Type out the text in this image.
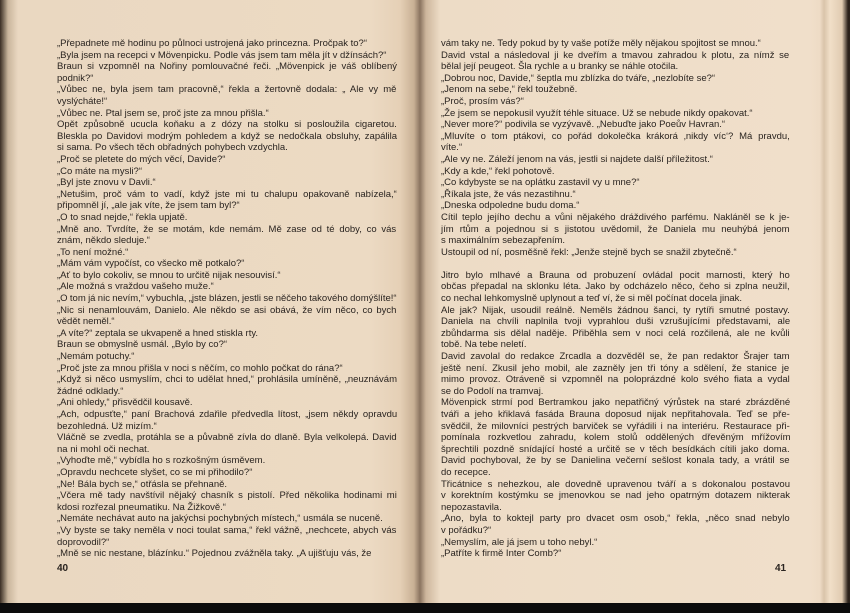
„Přepadnete mě hodinu po půlnoci ustrojená jako princezna. Pročpak to?“
„Byla jsem na recepci v Mövenpicku. Podle vás jsem tam měla jít v džínsách?“
Braun si vzpomněl na Nořiny pomlouvačné řeči. „Mövenpick je váš oblíbený
podnik?“
„Vůbec ne, byla jsem tam pracovně,“ řekla a žertovně dodala: „ Ale vy mě
vyslýcháte!“
„Vůbec ne. Ptal jsem se, proč jste za mnou přišla.“
Opět způsobně ucucla koňaku a z dózy na stolku si posloužila cigaretou.
Bleskla po Davidovi modrým pohledem a když se nedočkala obsluhy, zapálila
si sama. Po všech těch obřadných pohybech vzdychla.
„Proč se pletete do mých věcí, Davide?“
„Co máte na mysli?“
„Byl jste znovu v Davli.“
„Netušim, proč vám to vadí, když jste mi tu chalupu opakovaně nabízela,“
připomněl jí, „ale jak víte, že jsem tam byl?“
„O to snad nejde,“ řekla upjatě.
„Mně ano. Tvrdíte, že se motám, kde nemám. Mě zase od té doby, co vás
znám, někdo sleduje.“
„To není možné.“
„Mám vám vypočíst, co všecko mě potkalo?“
„Ať to bylo cokoliv, se mnou to určitě nijak nesouvisí.“
„Ale možná s vraždou vašeho muže.“
„O tom já nic nevím,“ vybuchla, „jste blázen, jestli se něčeho takového domýšlíte!“
„Nic si nenamlouvám, Danielo. Ale někdo se asi obává, že vím něco, co bych
vědět neměl.“
„A víte?“ zeptala se ukvapeně a hned stiskla rty.
Braun se obmyslně usmál. „Bylo by co?“
„Nemám potuchy.“
„Proč jste za mnou přišla v noci s něčím, co mohlo počkat do rána?“
„Když si něco usmyslím, chci to udělat hned,“ prohlásila umíněně, „neuznávám
žádné odklady.“
„Ani ohledy,“ přisvědčil kousavě.
„Ach, odpusťte,“ paní Brachová zdařile předvedla lítost, „jsem někdy opravdu
bezohledná. Už mizím.“
Vláčně se zvedla, protáhla se a půvabně zívla do dlaně. Byla velkolepá. David
na ni mohl oči nechat.
„Vyhoďte mě,“ vybídla ho s rozkošným úsměvem.
„Opravdu nechcete slyšet, co se mi přihodilo?“
„Ne! Bála bych se,“ otřásla se přehnaně.
„Včera mě tady navštívil nějaký chasník s pistolí. Před několika hodinami mi
kdosi rozřezal pneumatiku. Na Žižkově.“
„Nemáte nechávat auto na jakýchsi pochybných místech,“ usmála se nuceně.
„Vy byste se taky neměla v noci toulat sama,“ řekl vážně, „nechcete, abych vás
doprovodil?“
„Mně se nic nestane, blázínku.“ Pojednou zvážněla taky. „A ujišťuju vás, že
40
vám taky ne. Tedy pokud by ty vaše potíže měly nějakou spojitost se mnou.“
David vstal a následoval ji ke dveřím a tmavou zahradou k plotu, za nímž se
bělal její peugeot. Šla rychle a u branky se náhle otočila.
„Dobrou noc, Davide,“ šeptla mu zblízka do tváře, „nezlobíte se?“
„Jenom na sebe,“ řekl toužebně.
„Proč, prosím vás?“
„Že jsem se nepokusil využít téhle situace. Už se nebude nikdy opakovat.“
„Never more?“ podivila se vyzývavě. „Nebuďte jako Poeův Havran.“
„Mluvíte o tom ptákovi, co pořád dokolečka krákorá ‚nikdy víc‘? Má pravdu,
víte.“
„Ale vy ne. Záleží jenom na vás, jestli si najdete další příležitost.“
„Kdy a kde,“ řekl pohotově.
„Co kdybyste se na oplátku zastavil vy u mne?“
„Říkala jste, že vás nezastihnu.“
„Dneska odpoledne budu doma.“
Cítil teplo jejího dechu a vůni nějakého dráždivého parfému. Nakláněl se k je-
jím rtům a pojednou si s jistotou uvědomil, že Daniela mu neuhýbá jenom
s maximálním sebezapřením.
Ustoupil od ní, posměšně řekl: „Jenže stejně bych se snažil zbytečně.“
Jitro bylo mlhavé a Brauna od probuzení ovládal pocit marnosti, který ho
občas přepadal na sklonku léta. Jako by odcházelo něco, čeho si zplna neužil,
co nechal lehkomyslně uplynout a teď ví, že si měl počínat docela jinak.
Ale jak? Nijak, usoudil reálně. Neměls žádnou šanci, ty rytíři smutné postavy.
Daniela na chvíli naplnila tvoji vyprahlou duši vzrušujícími představami, ale
zbůhdarma sis dělal naděje. Přiběhla sem v noci celá rozčilená, ale ne kvůli
tobě. Na tebe neletí.
David zavolal do redakce Zrcadla a dozvěděl se, že pan redaktor Šrajer tam
ještě není. Zkusil jeho mobil, ale zazněly jen tři tóny a sdělení, že stanice je
mimo provoz. Otráveně si vzpomněl na poloprázdné kolo svého fiata a vydal
se do Podolí na tramvaj.
Mövenpick strmí pod Bertramkou jako nepatřičný výrůstek na staré zbrázděné
tváři a jeho křiklavá fasáda Brauna doposud nijak nepřitahovala. Teď se pře-
svědčil, že milovníci pestrých barviček se vyřádili i na interiéru. Restaurace při-
pomínala rozkvetlou zahradu, kolem stolů oddělených dřevěným mřížovím
šprechtili pozdně snídající hosté a určitě se v těch besídkách cítili jako doma.
David pochyboval, že by se Danielina večerní sešlost konala tady, a vrátil se
do recepce.
Třicátnice s nehezkou, ale dovedně upravenou tváří a s dokonalou postavou
v korektním kostýmku se jmenovkou se nad jeho opatrným dotazem nikterak
nepozastavila.
„Ano, byla to koktejl party pro dvacet osm osob,“ řekla, „něco snad nebylo
v pořádku?“
„Nemyslím, ale já jsem u toho nebyl.“
„Patříte k firmě Inter Comb?“
41
